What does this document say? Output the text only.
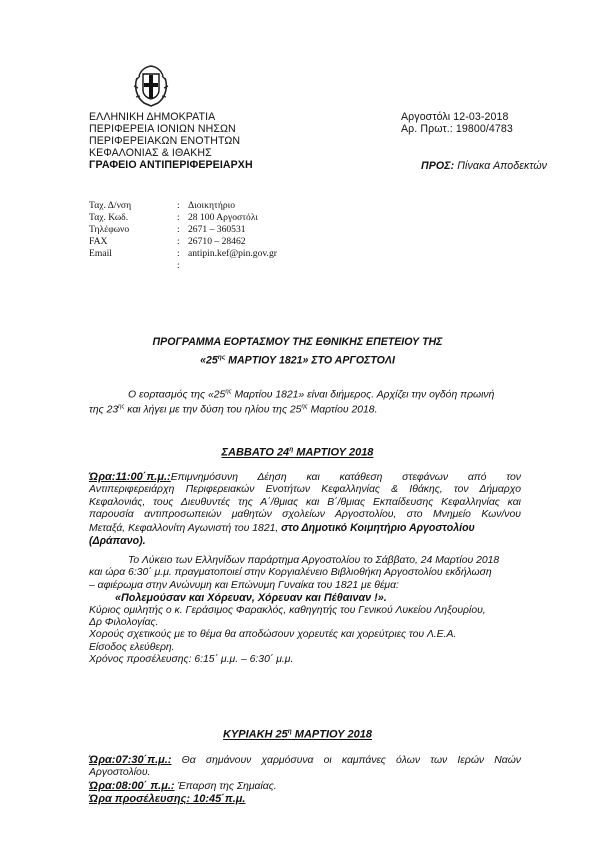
ΕΛΛΗΝΙΚΗ ΔΗΜΟΚΡΑΤΙΑ
ΠΕΡΙΦΕΡΕΙΑ ΙΟΝΙΩΝ ΝΗΣΩΝ
ΠΕΡΙΦΕΡΕΙΑΚΩΝ ΕΝΟΤΗΤΩΝ
ΚΕΦΑΛΟΝΙΑΣ & ΙΘΑΚΗΣ
ΓΡΑΦΕΙΟ ΑΝΤΙΠΕΡΙΦΕΡΕΙΑΡΧΗ
Αργοστόλι 12-03-2018
Αρ. Πρωτ.: 19800/4783
ΠΡΟΣ: Πίνακα Αποδεκτών
Ταχ. Δ/νση	: Διοικητήριο
Ταχ. Κωδ.	: 28 100 Αργοστόλι
Τηλέφωνο	: 2671 – 360531
FAX	: 26710 – 28462
Email	: antipin.kef@pin.gov.gr
:
ΠΡΟΓΡΑΜΜΑ ΕΟΡΤΑΣΜΟΥ ΤΗΣ ΕΘΝΙΚΗΣ ΕΠΕΤΕΙΟΥ ΤΗΣ
«$25^{\eta\varsigma}$ ΜΑΡΤΙΟΥ 1821» ΣΤΟ ΑΡΓΟΣΤΟΛΙ
Ο εορτασμός της «$25^{\eta\varsigma}$ Μαρτίου 1821» είναι διήμερος. Αρχίζει την ογδόη πρωινή
της $23^{\eta\varsigma}$ και λήγει με την δύση του ηλίου της $25^{\eta\varsigma}$ Μαρτίου 2018.
ΣΑΒΒΑΤΟ $24^\eta$ ΜΑΡΤΙΟΥ 2018
Ώρα:11:00΄π.μ.:Επιμνημόσυνη Δέηση και κατάθεση στεφάνων από τον
Αντιπεριφερειάρχη Περιφερειακών Ενοτήτων Κεφαλληνίας & Ιθάκης, τον Δήμαρχο
Κεφαλονιάς, τους Διευθυντές της Α΄/θμιας και Β΄/θμιας Εκπαίδευσης Κεφαλληνίας και
παρουσία αντιπροσωπειών μαθητών σχολείων Αργοστολίου, στο Μνημείο Κων/νου
Μεταξά, Κεφαλλονίτη Αγωνιστή του 1821, στο Δημοτικό Κοιμητήριο Αργοστολίου
(Δράπανο).
Το Λύκειο των Ελληνίδων παράρτημα Αργοστολίου το Σάββατο, 24 Μαρτίου 2018
και ώρα 6:30΄ μ.μ. πραγματοποιεί στην Κοργιαλένειο Βιβλιοθήκη Αργοστολίου εκδήλωση
– αφιέρωμα στην Ανώνυμη και Επώνυμη Γυναίκα του 1821 με θέμα:
«Πολεμούσαν και Χόρευαν, Χόρευαν και Πέθαιναν !».
Κύριος ομιλητής ο κ. Γεράσιμος Φαρακλός, καθηγητής του Γενικού Λυκείου Ληξουρίου,
Δρ Φιλολογίας.
Χορούς σχετικούς με το θέμα θα αποδώσουν χορευτές και χορεύτριες του Λ.Ε.Α.
Είσοδος ελεύθερη.
Χρόνος προσέλευσης: 6:15΄ μ.μ. – 6:30΄ μ.μ.
ΚΥΡΙΑΚΗ $25^\eta$ ΜΑΡΤΙΟΥ 2018
Ώρα:07:30΄π.μ.: Θα σημάνουν χαρμόσυνα οι καμπάνες όλων των Ιερών Ναών
Αργοστολίου.
Ώρα:08:00΄ π.μ.: Έπαρση της Σημαίας.
Ώρα προσέλευσης: 10:45΄π.μ.
